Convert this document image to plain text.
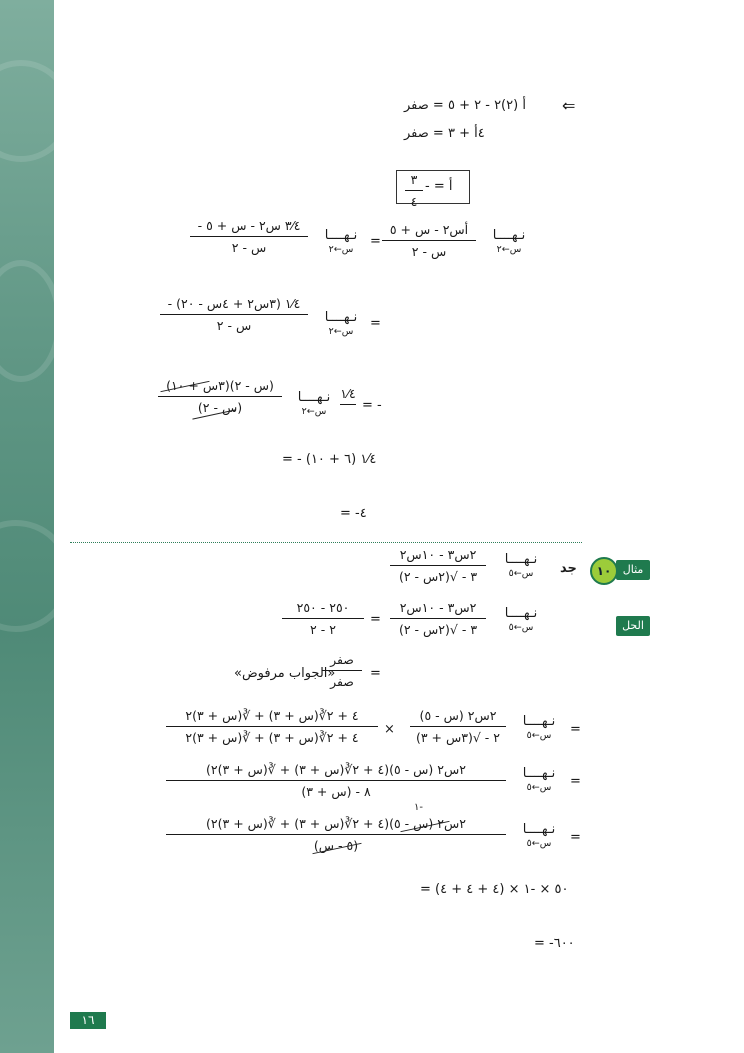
⇐
أ (٢)٢ - ٢ + ٥ = صفر
٤أ + ٣ = صفر
أ = -
٣
٤
نـهــــا
س←٢
أس٢ - س + ٥
س - ٢
=
نـهــــا
س←٢
- ٣⁄٤ س٢ - س + ٥
س - ٢
=
نـهــــا
س←٢
- ١⁄٤ (٣س٢ + ٤س - ٢٠)
س - ٢
= -
١⁄٤
نـهــــا
س←٢
(٣س + ١٠)(س - ٢)
(س - ٢)
= - ١⁄٤ (٦ + ١٠)
= -٤
مثال
١٠
جد
نـهــــا
س←٥
٢س٣ - ١٠س٢
٣ - √(٢س - ٢)
الحل
نـهــــا
س←٥
٢س٣ - ١٠س٢
٣ - √(٢س - ٢)
=
٢٥٠ - ٢٥٠
٢ - ٢
=
صفر
صفر
«الجواب مرفوض»
=
نـهــــا
س←٥
٢س٢ (س - ٥)
٢ - √(٣س + ٣)
×
٤ + ٢∛(س + ٣) + ∛(س + ٣)٢
٤ + ٢∛(س + ٣) + ∛(س + ٣)٢
=
نـهــــا
س←٥
٢س٢ (س - ٥)(٤ + ٢∛(س + ٣) + ∛(س + ٣)٢)
٨ - (س + ٣)
=
نـهــــا
س←٥
١-
٢س٢ (س - ٥)(٤ + ٢∛(س + ٣) + ∛(س + ٣)٢)
(٥ - س)
= ٥٠ × -١ × (٤ + ٤ + ٤)
= -٦٠٠
١٦
